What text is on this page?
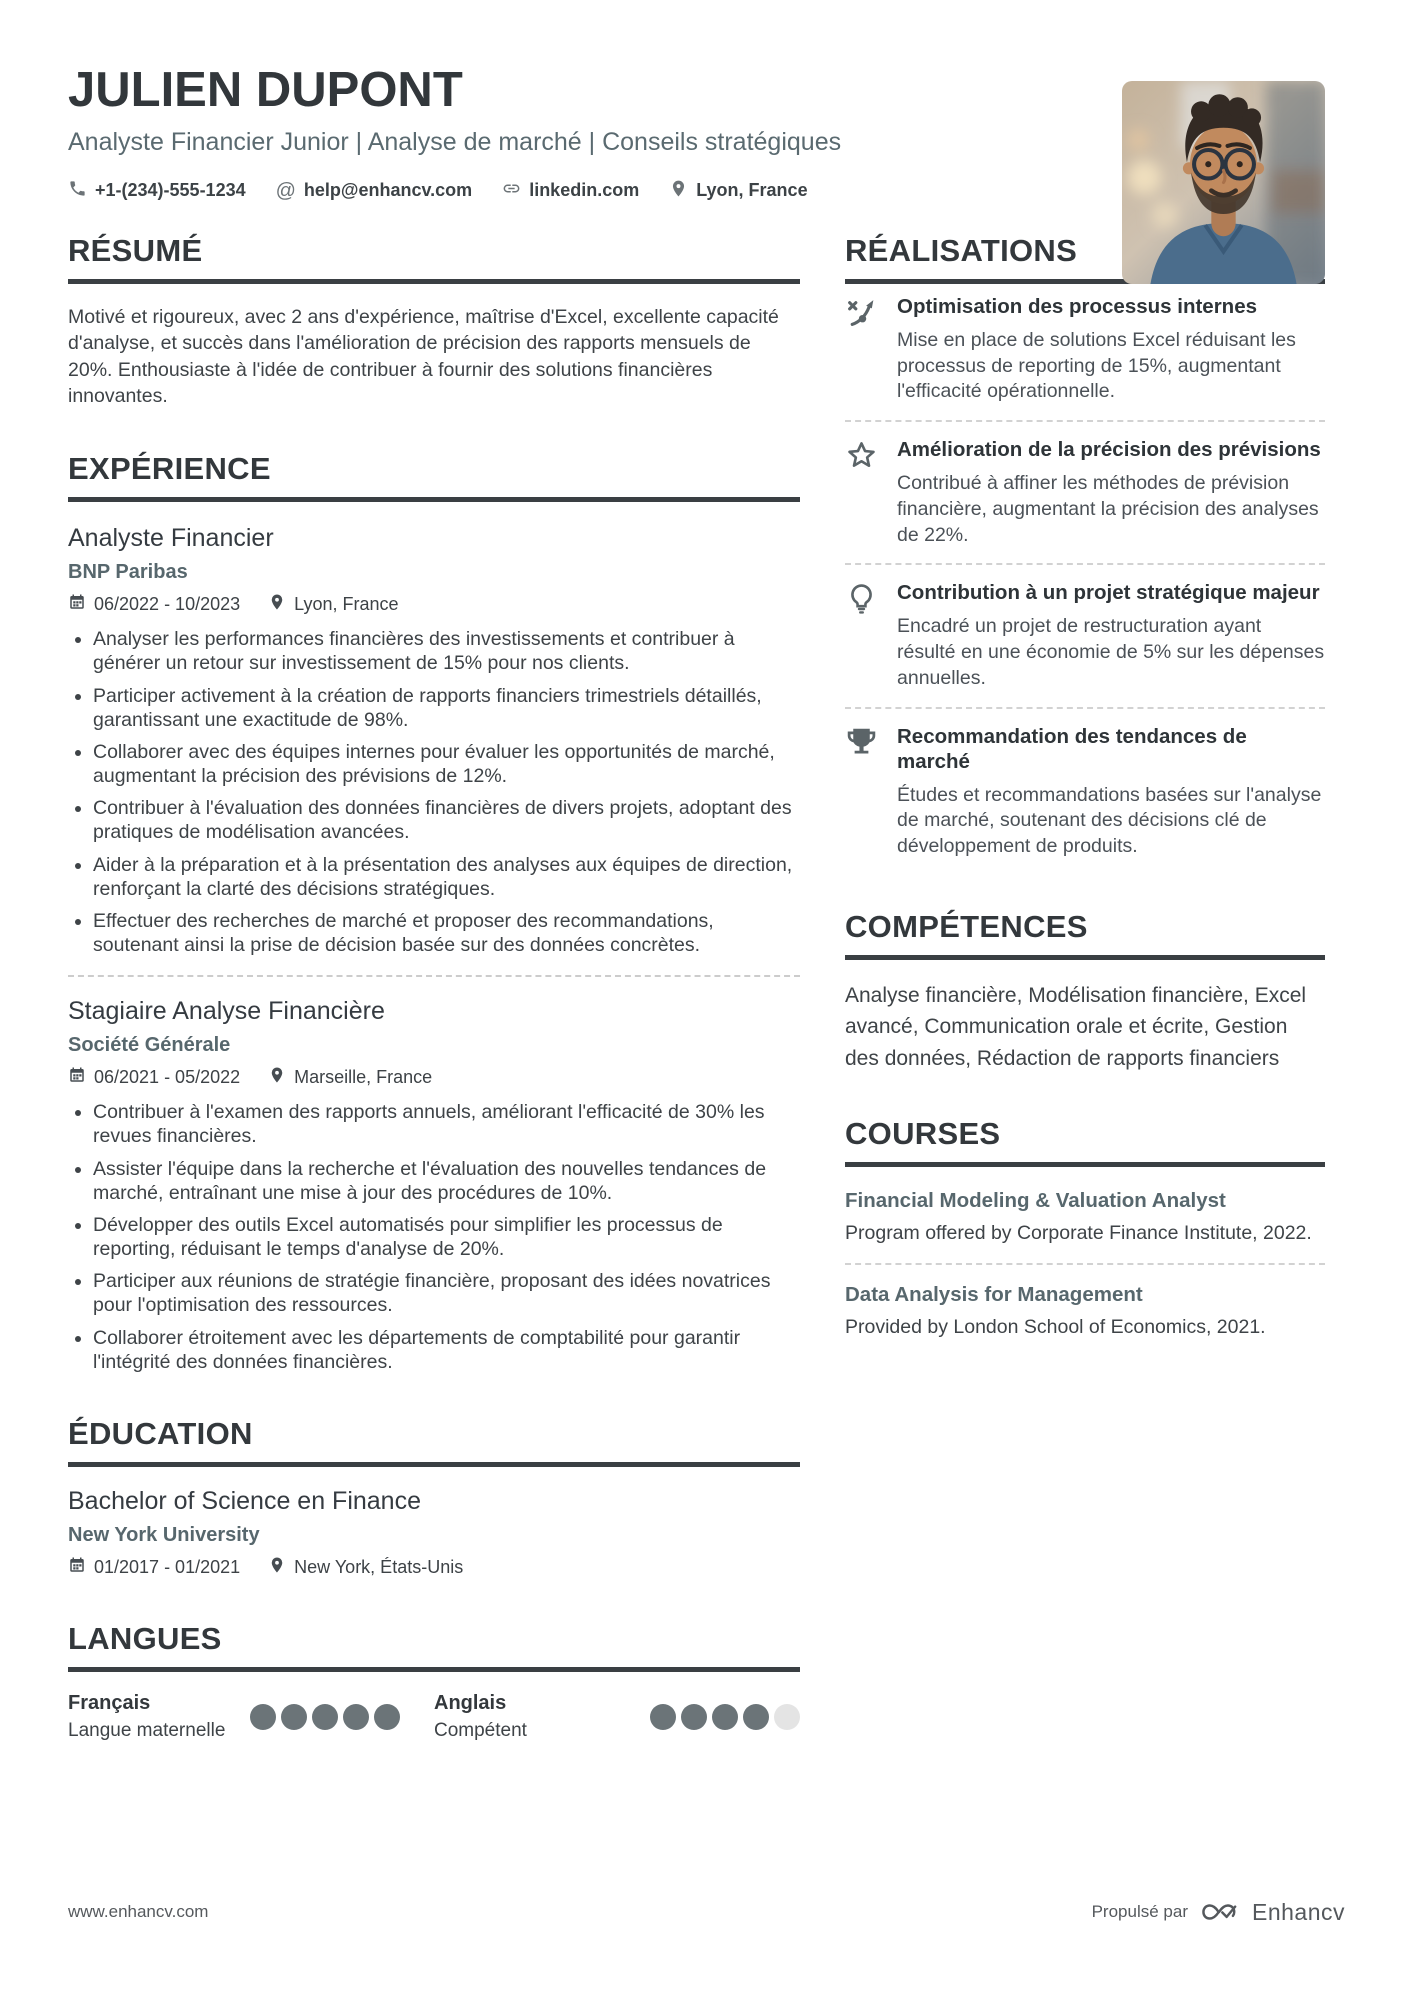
JULIEN DUPONT
Analyste Financier Junior | Analyse de marché | Conseils stratégiques
+1-(234)-555-1234 @ help@enhancv.com	linkedin.com	Lyon, France
RÉSUMÉ

Motivé et rigoureux, avec 2 ans d'expérience, maîtrise d'Excel, excellente capacité d'analyse, et succès dans l'amélioration de précision des rapports mensuels de 20%. Enthousiaste à l'idée de contribuer à fournir des solutions financières innovantes.

EXPÉRIENCE
Analyste Financier
BNP Paribas
06/2022 - 10/2023	Lyon, France
• Analyser les performances financières des investissements et contribuer à générer un retour sur investissement de 15% pour nos clients.
• Participer activement à la création de rapports financiers trimestriels détaillés, garantissant une exactitude de 98%.
• Collaborer avec des équipes internes pour évaluer les opportunités de marché, augmentant la précision des prévisions de 12%.
• Contribuer à l'évaluation des données financières de divers projets, adoptant des pratiques de modélisation avancées.
• Aider à la préparation et à la présentation des analyses aux équipes de direction, renforçant la clarté des décisions stratégiques.
• Effectuer des recherches de marché et proposer des recommandations, soutenant ainsi la prise de décision basée sur des données concrètes.
Stagiaire Analyse Financière
Société Générale
06/2021 - 05/2022	Marseille, France
• Contribuer à l'examen des rapports annuels, améliorant l'efficacité de 30% les revues financières.
• Assister l'équipe dans la recherche et l'évaluation des nouvelles tendances de marché, entraînant une mise à jour des procédures de 10%.
• Développer des outils Excel automatisés pour simplifier les processus de reporting, réduisant le temps d'analyse de 20%.
• Participer aux réunions de stratégie financière, proposant des idées novatrices pour l'optimisation des ressources.
• Collaborer étroitement avec les départements de comptabilité pour garantir l'intégrité des données financières.
ÉDUCATION
Bachelor of Science en Finance
New York University
01/2017 - 01/2021	New York, États-Unis
LANGUES
Français
Langue maternelle
Anglais
Compétent
RÉALISATIONS
Optimisation des processus internes
Mise en place de solutions Excel réduisant les processus de reporting de 15%, augmentant l'efficacité opérationnelle.
Amélioration de la précision des prévisions
Contribué à affiner les méthodes de prévision financière, augmentant la précision des analyses de 22%.
Contribution à un projet stratégique majeur
Encadré un projet de restructuration ayant résulté en une économie de 5% sur les dépenses annuelles.
Recommandation des tendances de marché
Études et recommandations basées sur l'analyse de marché, soutenant des décisions clé de développement de produits.
COMPÉTENCES
Analyse financière, Modélisation financière, Excel avancé, Communication orale et écrite, Gestion des données, Rédaction de rapports financiers
COURSES
Financial Modeling & Valuation Analyst
Program offered by Corporate Finance Institute, 2022.
Data Analysis for Management
Provided by London School of Economics, 2021.
www.enhancv.com	Propulsé par	Enhancv
